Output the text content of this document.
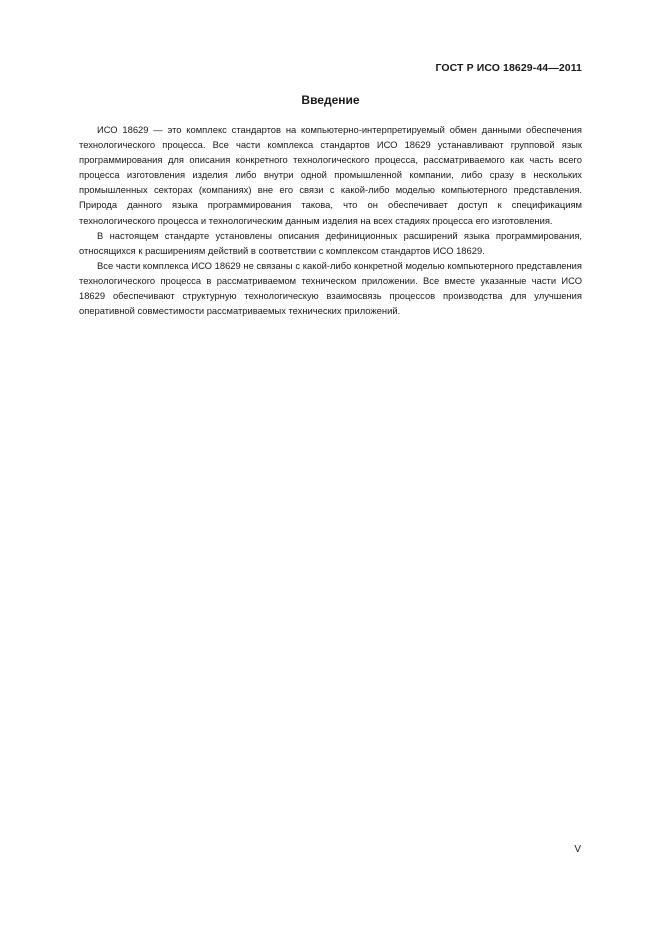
ГОСТ Р ИСО 18629-44—2011
Введение

ИСО 18629 — это комплекс стандартов на компьютерно-интерпретируемый обмен данными обеспечения технологического процесса. Все части комплекса стандартов ИСО 18629 устанавливают групповой язык программирования для описания конкретного технологического процесса, рассматриваемого как часть всего процесса изготовления изделия либо внутри одной промышленной компании, либо сразу в нескольких промышленных секторах (компаниях) вне его связи с какой-либо моделью компьютерного представления. Природа данного языка программирования такова, что он обеспечивает доступ к спецификациям технологического процесса и технологическим данным изделия на всех стадиях процесса его изготовления.

В настоящем стандарте установлены описания дефиниционных расширений языка программирования, относящихся к расширениям действий в соответствии с комплексом стандартов ИСО 18629.

Все части комплекса ИСО 18629 не связаны с какой-либо конкретной моделью компьютерного представления технологического процесса в рассматриваемом техническом приложении. Все вместе указанные части ИСО 18629 обеспечивают структурную технологическую взаимосвязь процессов производства для улучшения оперативной совместимости рассматриваемых технических приложений.

V
